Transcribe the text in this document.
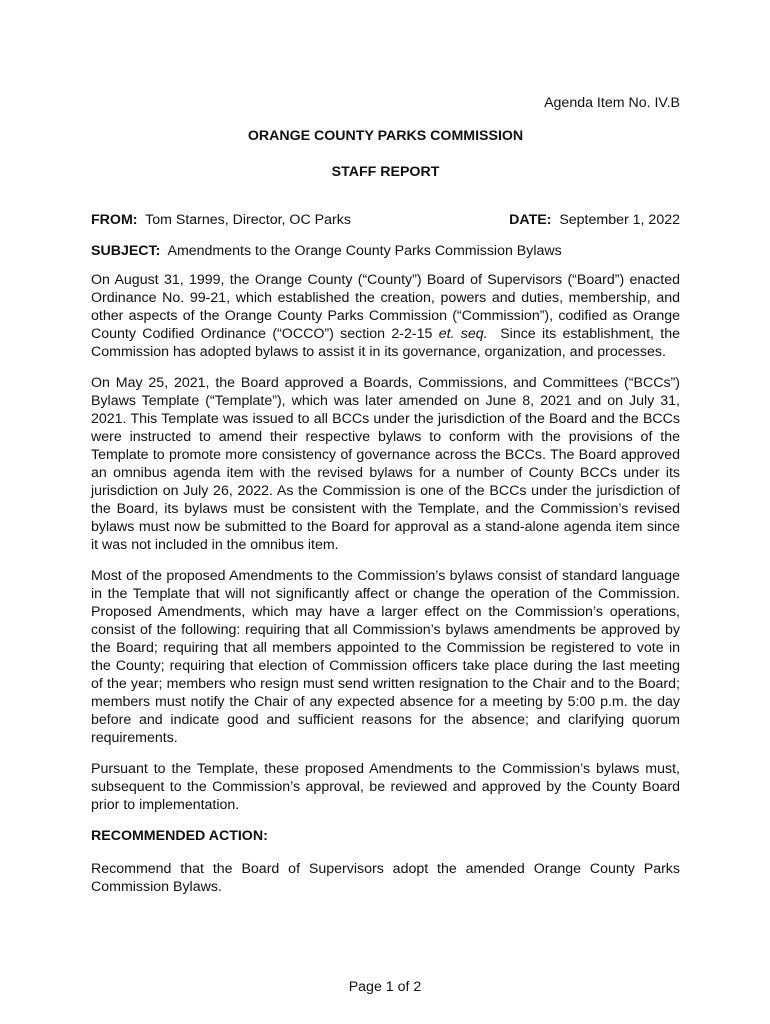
Agenda Item No. IV.B

ORANGE COUNTY PARKS COMMISSION

STAFF REPORT

FROM: Tom Starnes, Director, OC Parks	DATE: September 1, 2022
SUBJECT: Amendments to the Orange County Parks Commission Bylaws

On August 31, 1999, the Orange County (“County”) Board of Supervisors (“Board”) enacted Ordinance No. 99-21, which established the creation, powers and duties, membership, and other aspects of the Orange County Parks Commission (“Commission”), codified as Orange County Codified Ordinance (“OCCO”) section 2-2-15 et. seq. Since its establishment, the Commission has adopted bylaws to assist it in its governance, organization, and processes.

On May 25, 2021, the Board approved a Boards, Commissions, and Committees (“BCCs”) Bylaws Template (“Template”), which was later amended on June 8, 2021 and on July 31, 2021. This Template was issued to all BCCs under the jurisdiction of the Board and the BCCs were instructed to amend their respective bylaws to conform with the provisions of the Template to promote more consistency of governance across the BCCs. The Board approved an omnibus agenda item with the revised bylaws for a number of County BCCs under its jurisdiction on July 26, 2022. As the Commission is one of the BCCs under the jurisdiction of the Board, its bylaws must be consistent with the Template, and the Commission’s revised bylaws must now be submitted to the Board for approval as a stand-alone agenda item since it was not included in the omnibus item.

Most of the proposed Amendments to the Commission’s bylaws consist of standard language in the Template that will not significantly affect or change the operation of the Commission. Proposed Amendments, which may have a larger effect on the Commission’s operations, consist of the following: requiring that all Commission’s bylaws amendments be approved by the Board; requiring that all members appointed to the Commission be registered to vote in the County; requiring that election of Commission officers take place during the last meeting of the year; members who resign must send written resignation to the Chair and to the Board; members must notify the Chair of any expected absence for a meeting by 5:00 p.m. the day before and indicate good and sufficient reasons for the absence; and clarifying quorum requirements.

Pursuant to the Template, these proposed Amendments to the Commission’s bylaws must, subsequent to the Commission’s approval, be reviewed and approved by the County Board prior to implementation.

RECOMMENDED ACTION:
Recommend that the Board of Supervisors adopt the amended Orange County Parks Commission Bylaws.
Page 1 of 2
